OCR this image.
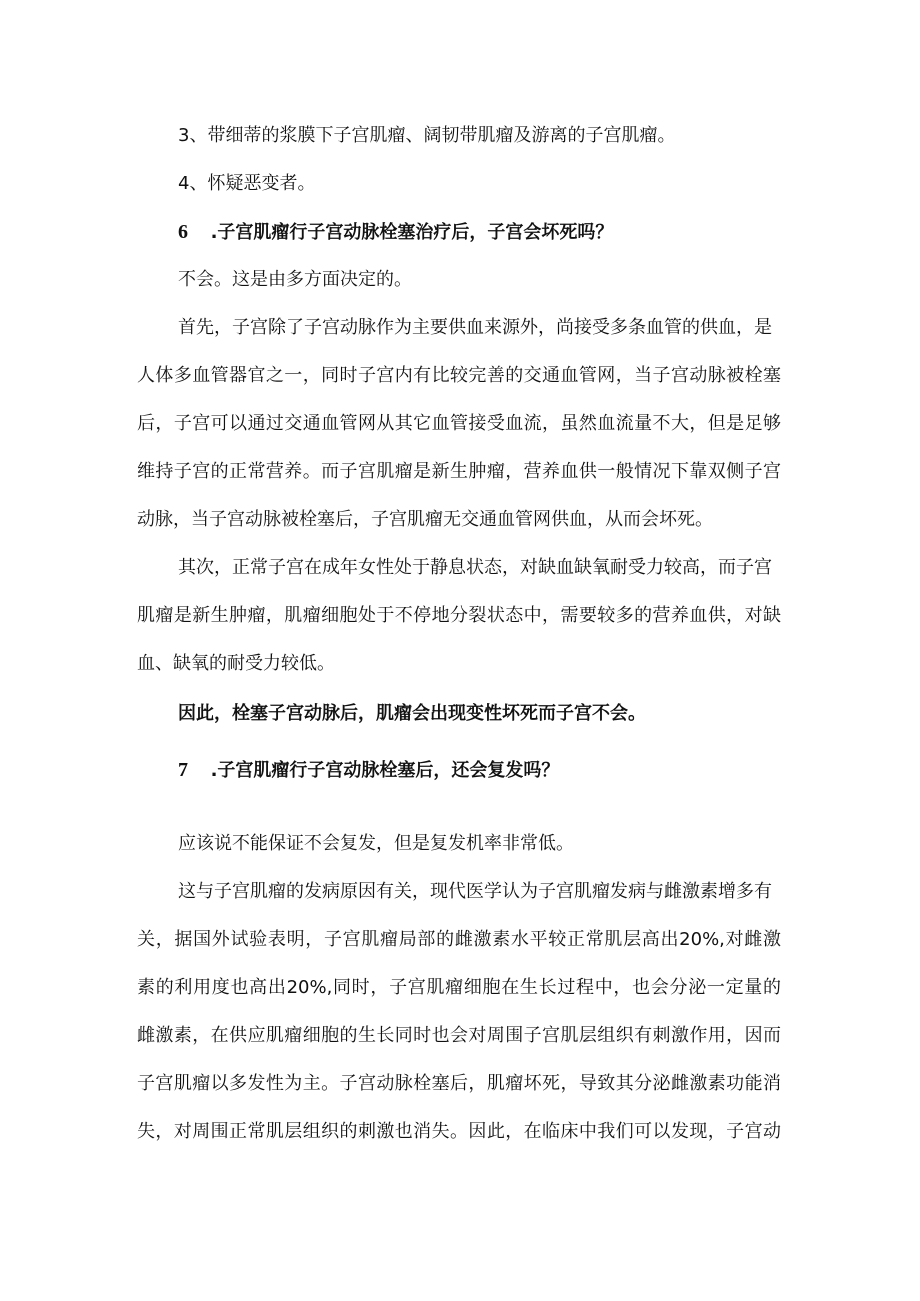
3、带细蒂的浆膜下子宫肌瘤、阔韧带肌瘤及游离的子宫肌瘤。
4、怀疑恶变者。
6 .子宫肌瘤行子宫动脉栓塞治疗后，子宫会坏死吗？
不会。这是由多方面决定的。
首先，子宫除了子宫动脉作为主要供血来源外，尚接受多条血管的供血，是
人体多血管器官之一，同时子宫内有比较完善的交通血管网，当子宫动脉被栓塞
后，子宫可以通过交通血管网从其它血管接受血流，虽然血流量不大，但是足够
维持子宫的正常营养。而子宫肌瘤是新生肿瘤，营养血供一般情况下靠双侧子宫
动脉，当子宫动脉被栓塞后，子宫肌瘤无交通血管网供血，从而会坏死。
其次，正常子宫在成年女性处于静息状态，对缺血缺氧耐受力较高，而子宫
肌瘤是新生肿瘤，肌瘤细胞处于不停地分裂状态中，需要较多的营养血供，对缺
血、缺氧的耐受力较低。
因此，栓塞子宫动脉后，肌瘤会出现变性坏死而子宫不会。
7 .子宫肌瘤行子宫动脉栓塞后，还会复发吗？
应该说不能保证不会复发，但是复发机率非常低。
这与子宫肌瘤的发病原因有关，现代医学认为子宫肌瘤发病与雌激素增多有
关，据国外试验表明，子宫肌瘤局部的雌激素水平较正常肌层高出20%,对雌激
素的利用度也高出20%,同时，子宫肌瘤细胞在生长过程中，也会分泌一定量的
雌激素，在供应肌瘤细胞的生长同时也会对周围子宫肌层组织有刺激作用，因而
子宫肌瘤以多发性为主。子宫动脉栓塞后，肌瘤坏死，导致其分泌雌激素功能消
失，对周围正常肌层组织的刺激也消失。因此，在临床中我们可以发现，子宫动
